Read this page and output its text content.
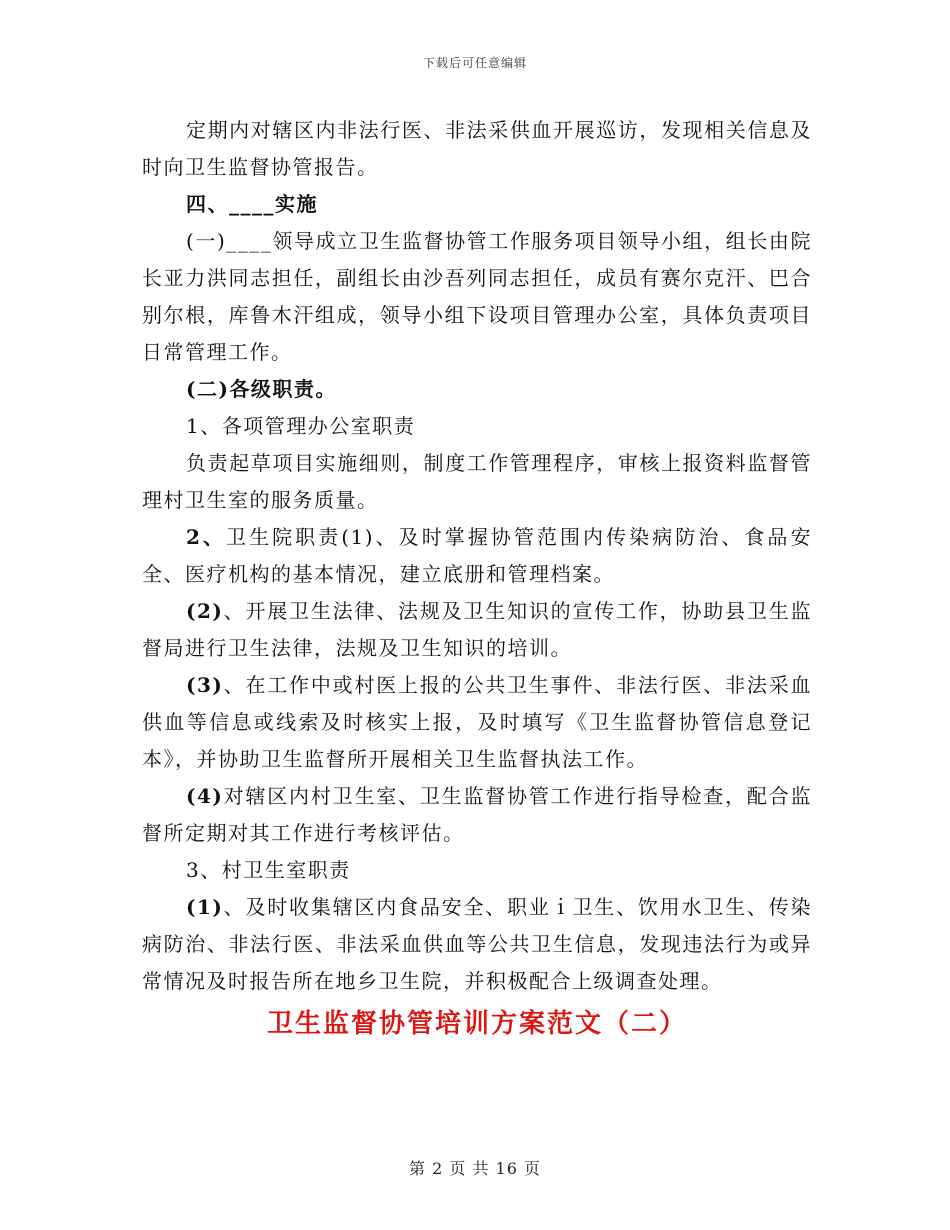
下载后可任意编辑

定期内对辖区内非法行医、非法采供血开展巡访，发现相关信息及时向卫生监督协管报告。

四、____实施

(一)____领导成立卫生监督协管工作服务项目领导小组，组长由院长亚力洪同志担任，副组长由沙吾列同志担任，成员有赛尔克汗、巴合别尔根，库鲁木汗组成，领导小组下设项目管理办公室，具体负责项目日常管理工作。

(二)各级职责。

1、各项管理办公室职责

负责起草项目实施细则，制度工作管理程序，审核上报资料监督管理村卫生室的服务质量。

2、卫生院职责(1)、及时掌握协管范围内传染病防治、食品安全、医疗机构的基本情况，建立底册和管理档案。

(2)、开展卫生法律、法规及卫生知识的宣传工作，协助县卫生监督局进行卫生法律，法规及卫生知识的培训。

(3)、在工作中或村医上报的公共卫生事件、非法行医、非法采血供血等信息或线索及时核实上报，及时填写《卫生监督协管信息登记本》，并协助卫生监督所开展相关卫生监督执法工作。

(4)对辖区内村卫生室、卫生监督协管工作进行指导检查，配合监督所定期对其工作进行考核评估。

3、村卫生室职责

(1)、及时收集辖区内食品安全、职业ｉ卫生、饮用水卫生、传染病防治、非法行医、非法采血供血等公共卫生信息，发现违法行为或异常情况及时报告所在地乡卫生院，并积极配合上级调查处理。

卫生监督协管培训方案范文（二）
第 2 页 共 16 页
